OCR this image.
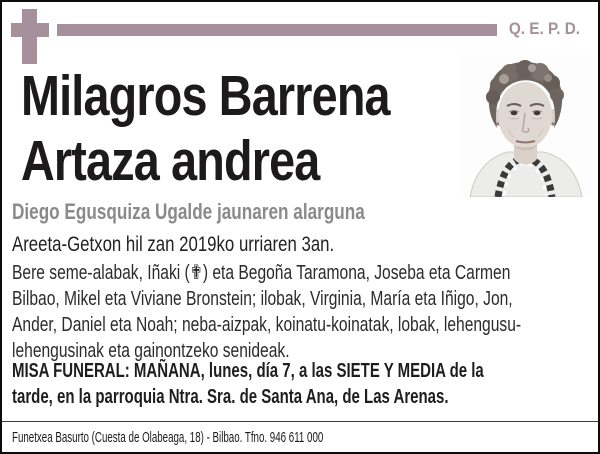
Q. E. P. D.
Milagros Barrena
Artaza andrea
Diego Egusquiza Ugalde jaunaren alarguna
Areeta-Getxon hil zan 2019ko urriaren 3an.
Bere seme-alabak, Iñaki (✟) eta Begoña Taramona, Joseba eta Carmen
Bilbao, Mikel eta Viviane Bronstein; ilobak, Virginia, María eta Iñigo, Jon,
Ander, Daniel eta Noah; neba-aizpak, koinatu-koinatak, lobak, lehengusu-
lehengusinak eta gainontzeko senideak.
MISA FUNERAL: MAÑANA, lunes, día 7, a las SIETE Y MEDIA de la
tarde, en la parroquia Ntra. Sra. de Santa Ana, de Las Arenas.
Funetxea Basurto (Cuesta de Olabeaga, 18) - Bilbao. Tfno. 946 611 000
